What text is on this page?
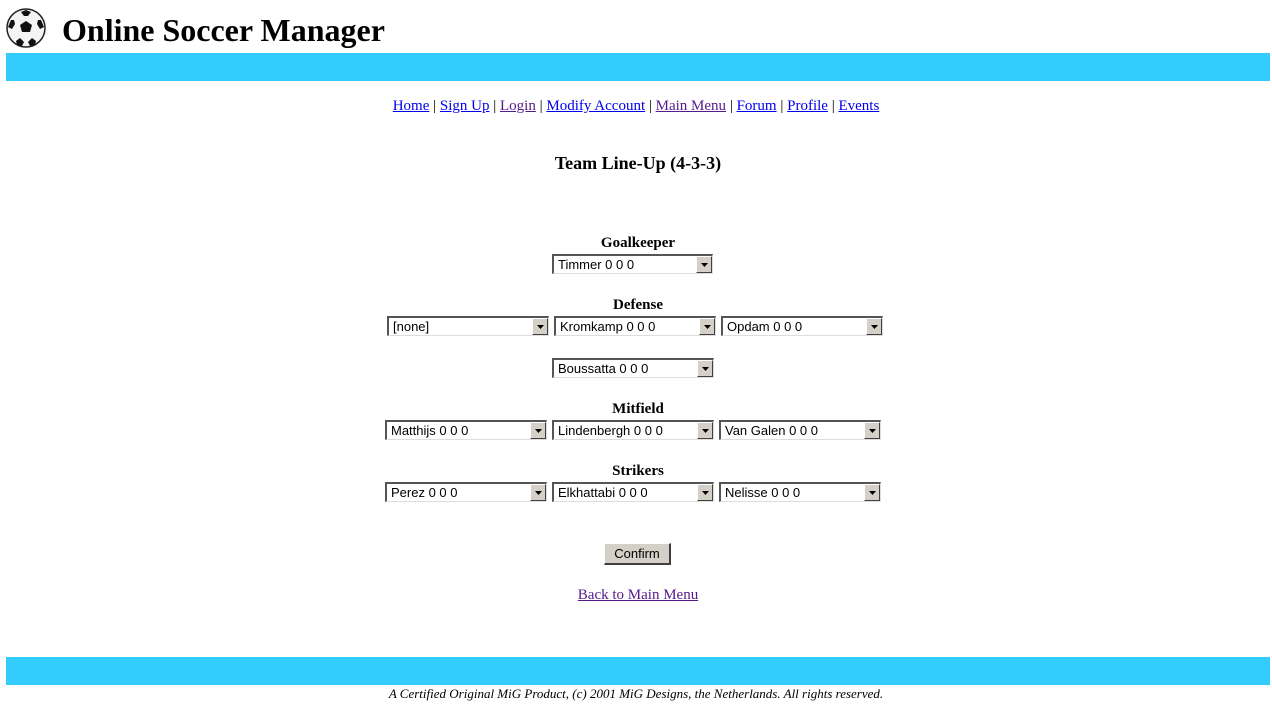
Online Soccer Manager
Home | Sign Up | Login | Modify Account | Main Menu | Forum | Profile | Events
Team Line-Up (4-3-3)
Goalkeeper
Timmer 0 0 0
Defense
[none]	Kromkamp 0 0 0	Opdam 0 0 0
Boussatta 0 0 0
Mitfield
Matthijs 0 0 0	Lindenbergh 0 0 0	Van Galen 0 0 0
Strikers
Perez 0 0 0	Elkhattabi 0 0 0	Nelisse 0 0 0
Confirm
Back to Main Menu
A Certified Original MiG Product, (c) 2001 MiG Designs, the Netherlands. All rights reserved.
